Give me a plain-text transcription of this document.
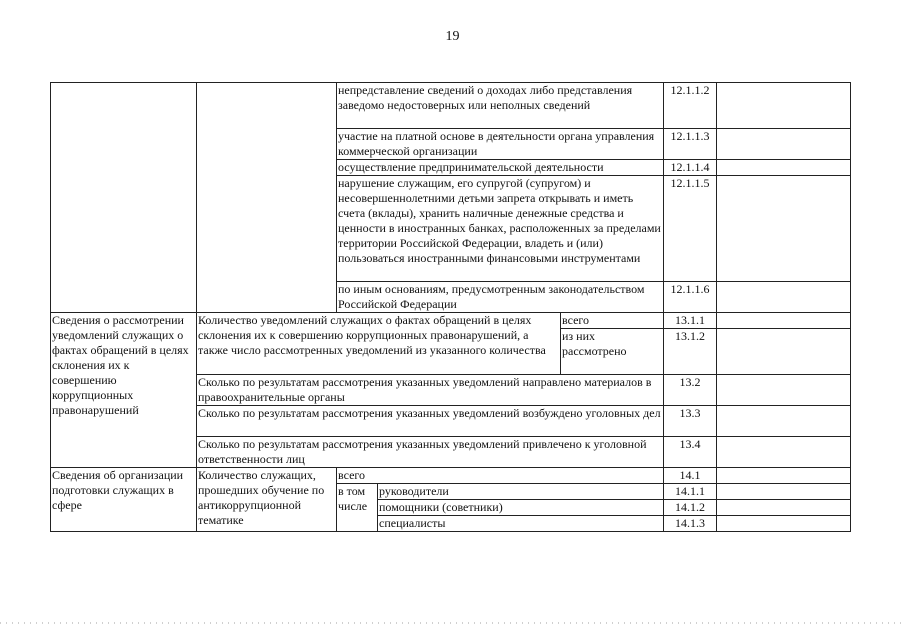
19
		непредставление сведений о доходах либо представления заведомо недостоверных или неполных сведений			12.1.1.2	
		участие на платной основе в деятельности органа управления коммерческой организации			12.1.1.3	
		осуществление предпринимательской деятельности			12.1.1.4	
		нарушение служащим, его супругой (супругом) и несовершеннолетними детьми запрета открывать и иметь счета (вклады), хранить наличные денежные средства и ценности в иностранных банках, расположенных за пределами территории Российской Федерации, владеть и (или) пользоваться иностранными финансовыми инструментами			12.1.1.5	
		по иным основаниям, предусмотренным законодательством Российской Федерации			12.1.1.6	
Сведения о рассмотрении уведомлений служащих о фактах обращений в целях склонения их к совершению коррупционных правонарушений	Количество уведомлений служащих о фактах обращений в целях склонения их к совершению коррупционных правонарушений, а также число рассмотренных уведомлений из указанного количества			всего	13.1.1	
				из них рассмотрено	13.1.2	
	Сколько по результатам рассмотрения указанных уведомлений направлено материалов в правоохранительные органы				13.2	
	Сколько по результатам рассмотрения указанных уведомлений возбуждено уголовных дел				13.3	
	Сколько по результатам рассмотрения указанных уведомлений привлечено к уголовной ответственности лиц				13.4	
Сведения об организации подготовки служащих в сфере	Количество служащих, прошедших обучение по антикоррупционной тематике	всего			14.1	
		в том числе	руководители		14.1.1	
			помощники (советники)		14.1.2	
			специалисты		14.1.3	
